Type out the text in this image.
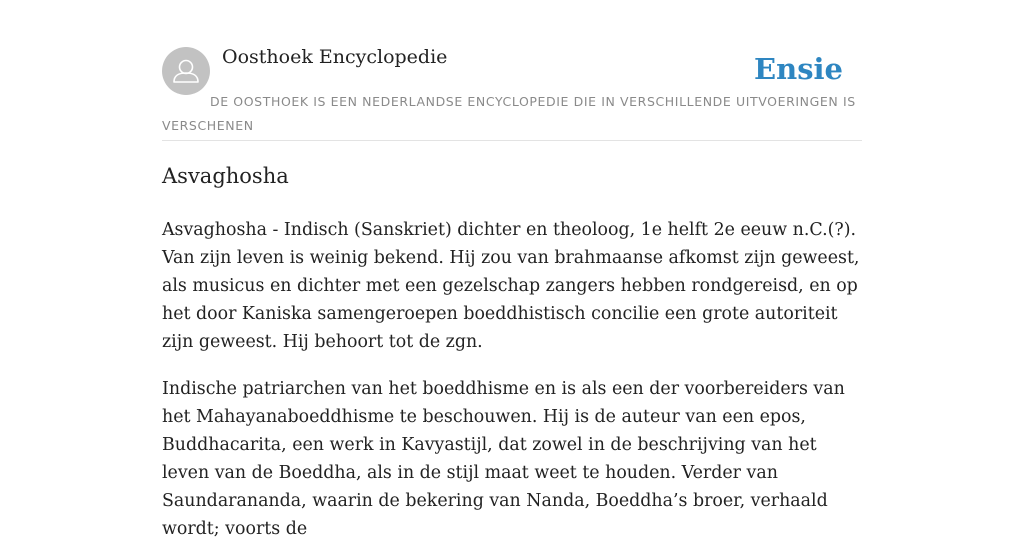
Oosthoek Encyclopedie	Ensie
DE OOSTHOEK IS EEN NEDERLANDSE ENCYCLOPEDIE DIE IN VERSCHILLENDE UITVOERINGEN IS VERSCHENEN
Asvaghosha

Asvaghosha - Indisch (Sanskriet) dichter en theoloog, 1e helft 2e eeuw n.C.(?). Van zijn leven is weinig bekend. Hij zou van brahmaanse afkomst zijn geweest, als musicus en dichter met een gezelschap zangers hebben rondgereisd, en op het door Kaniska samengeroepen boeddhistisch concilie een grote autoriteit zijn geweest. Hij behoort tot de zgn.

Indische patriarchen van het boeddhisme en is als een der voorbereiders van het Mahayanaboeddhisme te beschouwen. Hij is de auteur van een epos, Buddhacarita, een werk in Kavyastijl, dat zowel in de beschrijving van het leven van de Boeddha, als in de stijl maat weet te houden. Verder van Saundarananda, waarin de bekering van Nanda, Boeddha’s broer, verhaald wordt; voorts de
